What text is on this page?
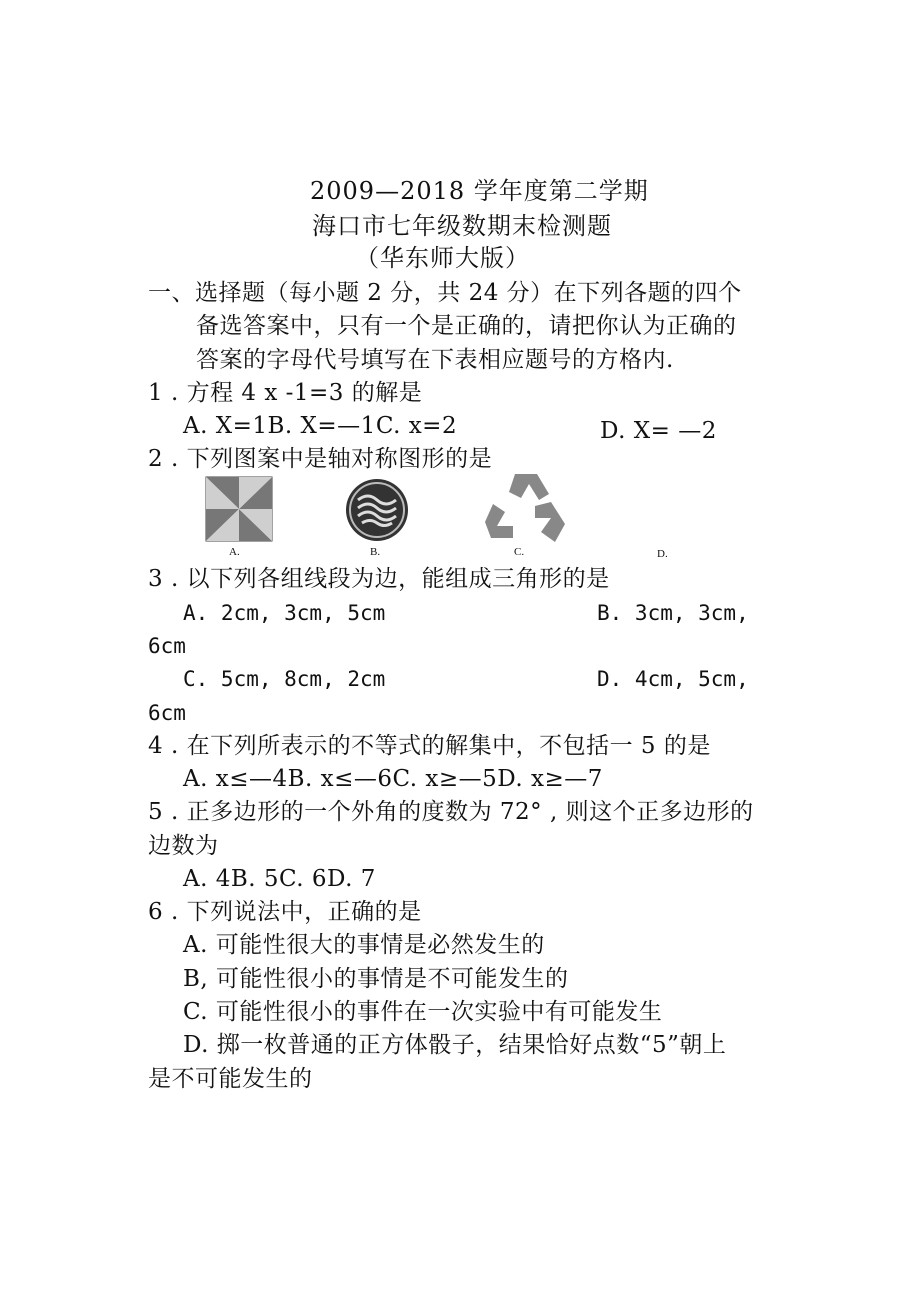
2009—2018 学年度第二学期
海口市七年级数期末检测题
（华东师大版）
一、选择题（每小题 2 分，共 24 分）在下列各题的四个
备选答案中，只有一个是正确的，请把你认为正确的
答案的字母代号填写在下表相应题号的方格内.
1 . 方程 4 x -1=3 的解是
A. X=1B. X=—1C. x=2	D. X= —2
2 . 下列图案中是轴对称图形的是
A.	B.	C.	D.
3 . 以下列各组线段为边，能组成三角形的是
A. 2cm, 3cm, 5cm	B. 3cm, 3cm,
6cm
C. 5cm, 8cm, 2cm	D. 4cm, 5cm,
6cm
4 . 在下列所表示的不等式的解集中，不包括一 5 的是
A. x≤—4B. x≤—6C. x≥—5D. x≥—7
5 . 正多边形的一个外角的度数为 72° , 则这个正多边形的
边数为
A. 4B. 5C. 6D. 7
6 . 下列说法中，正确的是
A. 可能性很大的事情是必然发生的
B, 可能性很小的事情是不可能发生的
C. 可能性很小的事件在一次实验中有可能发生
D. 掷一枚普通的正方体骰子，结果恰好点数“5”朝上
是不可能发生的
